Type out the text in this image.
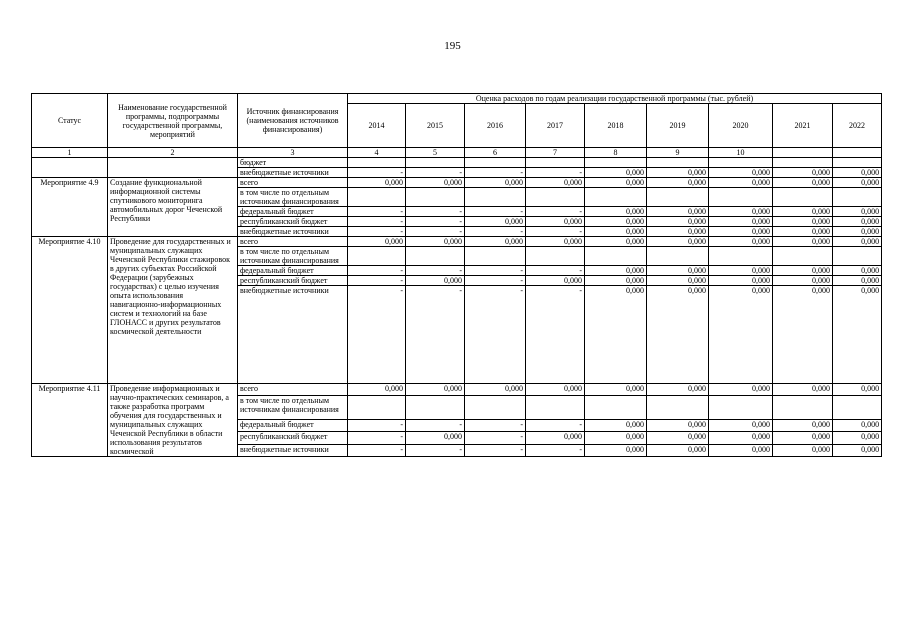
195
Статус	Наименование государственной программы, подпрограммы государственной программы, мероприятий	Источник финансирования (наименования источников финансирования)	Оценка расходов по годам реализации государственной программы (тыс. рублей)								
			2014	2015	2016	2017	2018	2019	2020	2021	2022
1	2	3	4	5	6	7	8	9	10		
		бюджет									
		внебюджетные источники	-	-	-	-	0,000	0,000	0,000	0,000	0,000
Мероприятие 4.9	Создание функциональной информационной системы спутникового мониторинга автомобильных дорог Чеченской Республики	всего	0,000	0,000	0,000	0,000	0,000	0,000	0,000	0,000	0,000
		в том числе по отдельным источникам финансирования									
		федеральный бюджет	-	-	-	-	0,000	0,000	0,000	0,000	0,000
		республиканский бюджет	-	-	0,000	0,000	0,000	0,000	0,000	0,000	0,000
		внебюджетные источники	-	-	-	-	0,000	0,000	0,000	0,000	0,000
Мероприятие 4.10	Проведение для государственных и муниципальных служащих Чеченской Республики стажировок в других субъектах Российской Федерации (зарубежных государствах) с целью изучения опыта использования навигационно-информационных систем и технологий на базе ГЛОНАСС и других результатов космической деятельности	всего	0,000	0,000	0,000	0,000	0,000	0,000	0,000	0,000	0,000
		в том числе по отдельным источникам финансирования									
		федеральный бюджет	-	-	-	-	0,000	0,000	0,000	0,000	0,000
		республиканский бюджет	-	0,000	-	0,000	0,000	0,000	0,000	0,000	0,000
		внебюджетные источники	-	-	-	-	0,000	0,000	0,000	0,000	0,000
Мероприятие 4.11	Проведение информационных и научно-практических семинаров, а также разработка программ обучения для государственных и муниципальных служащих Чеченской Республики в области использования результатов космической	всего	0,000	0,000	0,000	0,000	0,000	0,000	0,000	0,000	0,000
		в том числе по отдельным источникам финансирования									
		федеральный бюджет	-	-	-	-	0,000	0,000	0,000	0,000	0,000
		республиканский бюджет	-	0,000	-	0,000	0,000	0,000	0,000	0,000	0,000
		внебюджетные источники	-	-	-	-	0,000	0,000	0,000	0,000	0,000
